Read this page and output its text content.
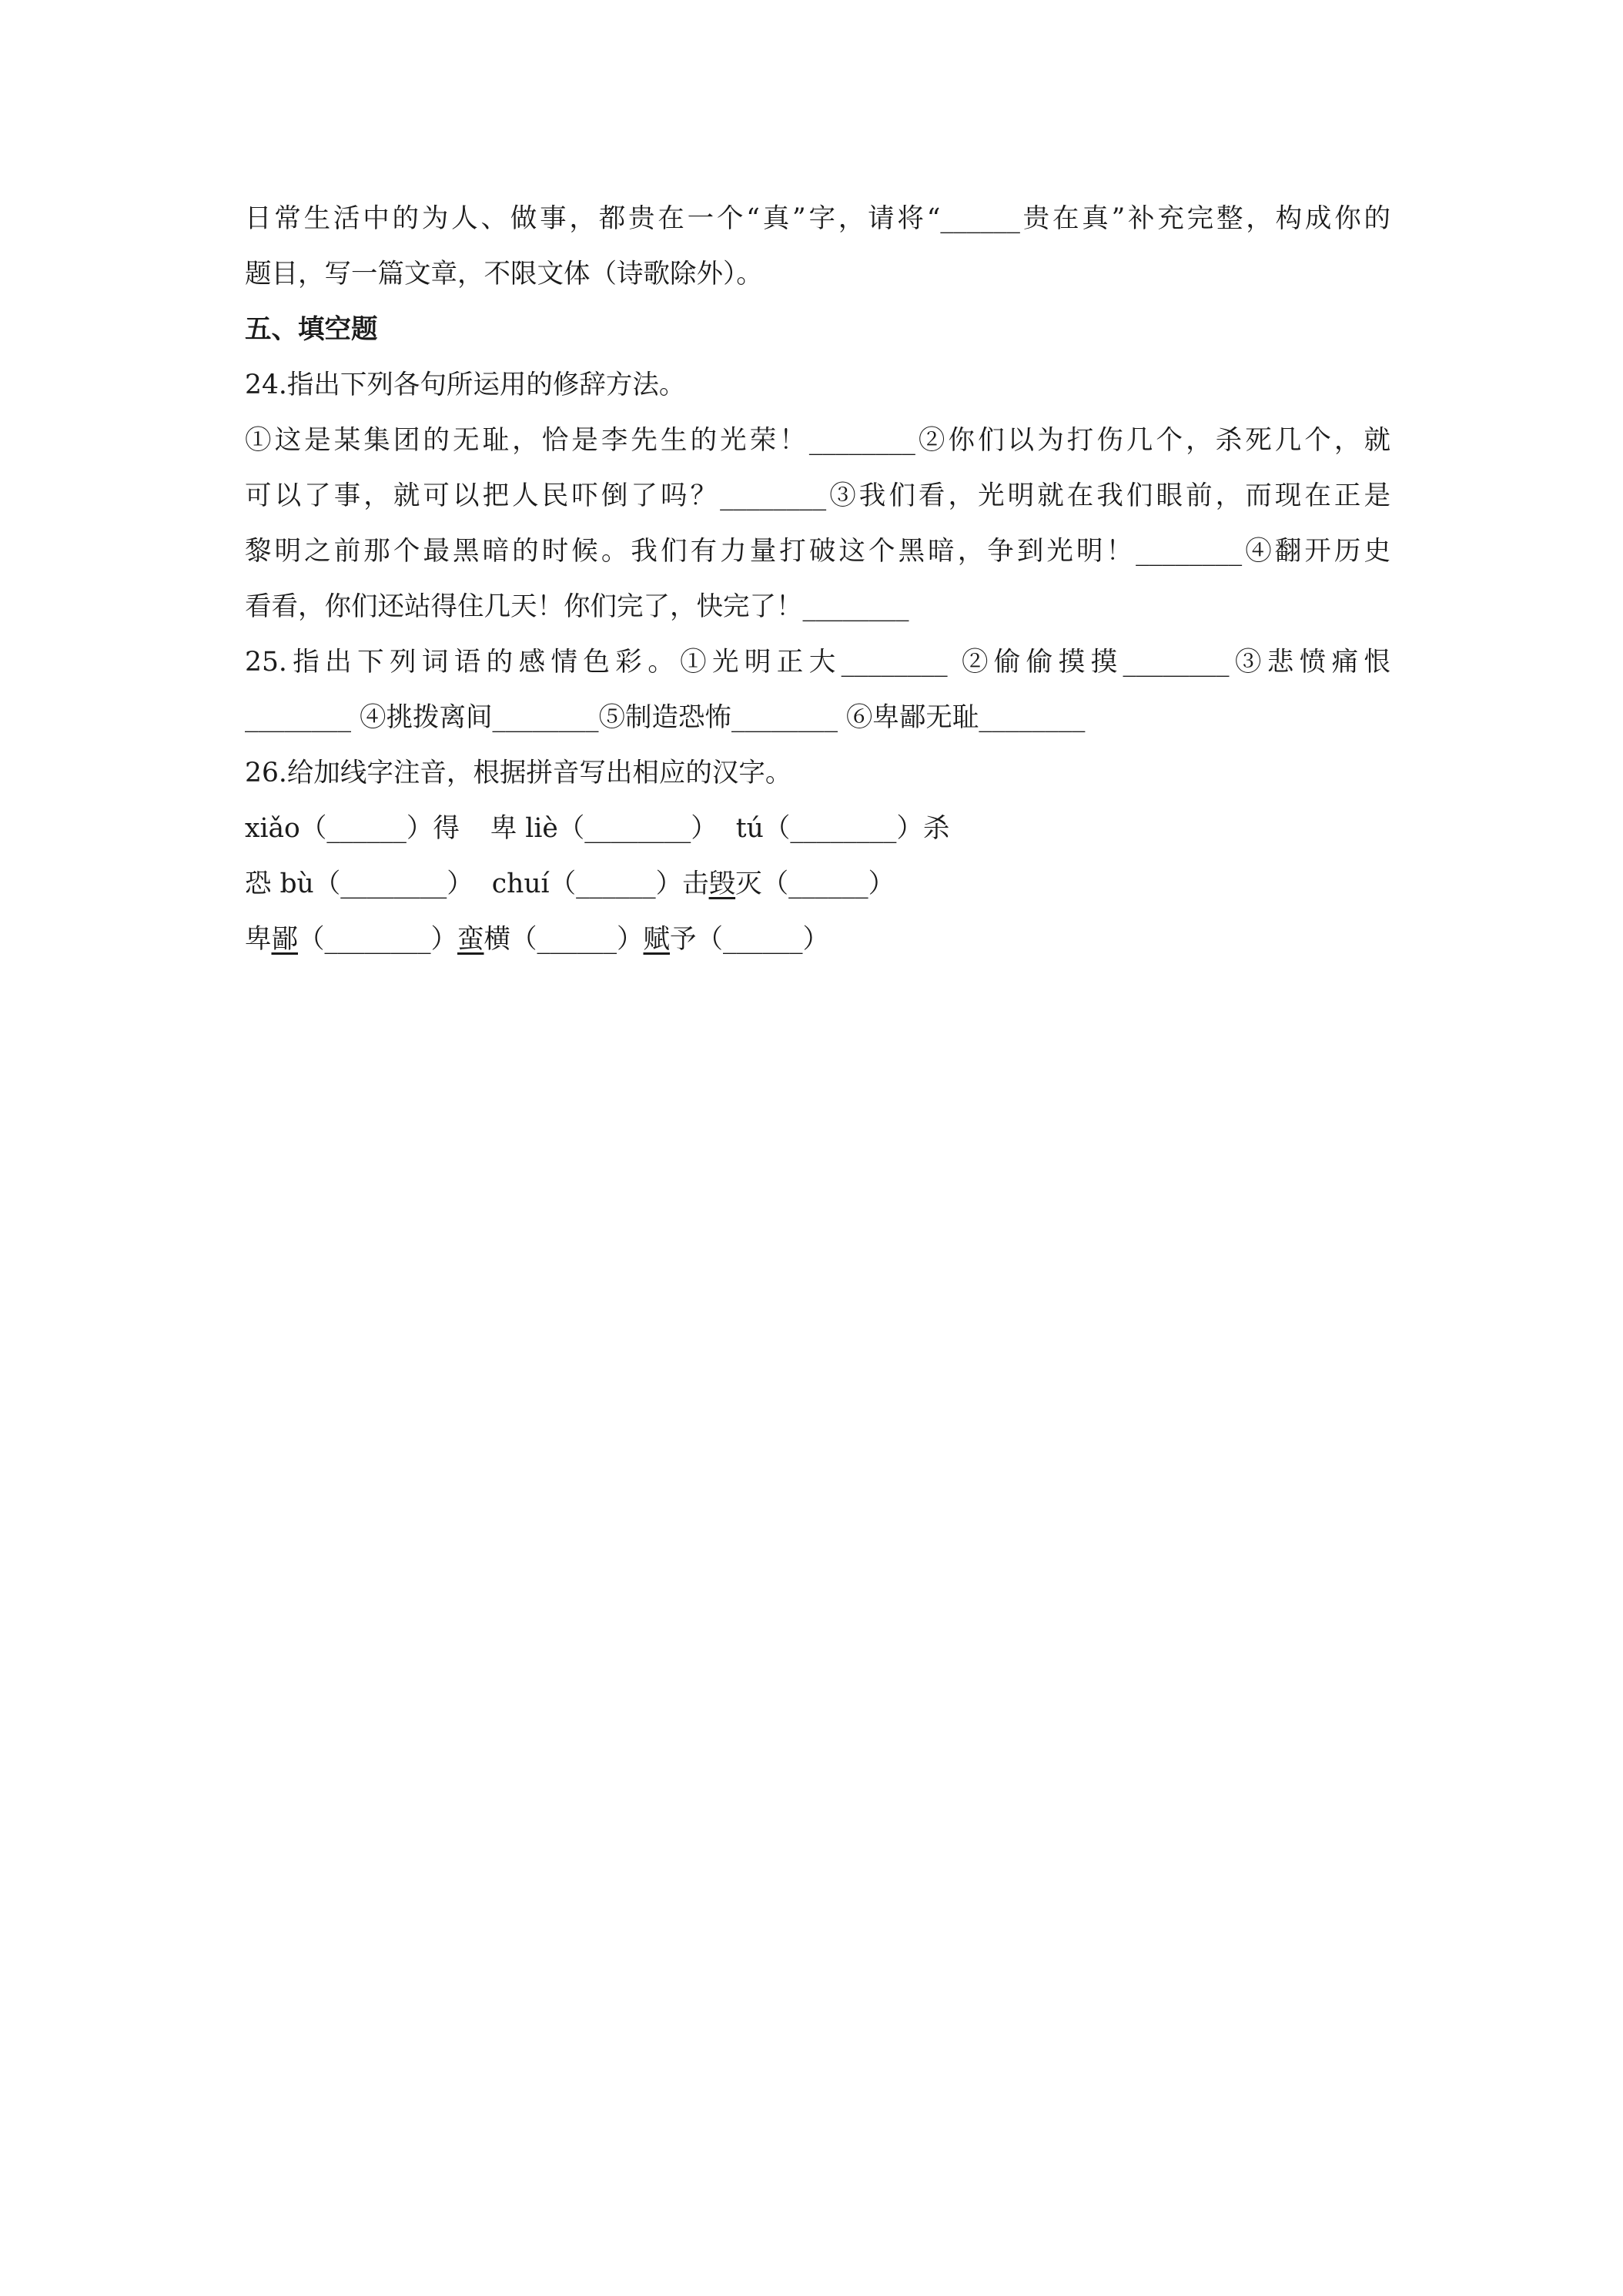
日常生活中的为人、做事，都贵在一个“真”字，请将“______贵在真”补充完整，构成你的
题目，写一篇文章，不限文体（诗歌除外）。
五、填空题
24.指出下列各句所运用的修辞方法。
①这是某集团的无耻，恰是李先生的光荣！________②你们以为打伤几个，杀死几个，就
可以了事，就可以把人民吓倒了吗？________③我们看，光明就在我们眼前，而现在正是
黎明之前那个最黑暗的时候。我们有力量打破这个黑暗，争到光明！________④翻开历史
看看，你们还站得住几天！你们完了，快完了！________
25.指出下列词语的感情色彩。①光明正大________ ②偷偷摸摸________③悲愤痛恨
________ ④挑拨离间________⑤制造恐怖________ ⑥卑鄙无耻________
26.给加线字注音，根据拼音写出相应的汉字。
xiǎo（______）得 卑 liè（________） tú（________）杀
恐 bù（________） chuí（______）击毁灭（______）
卑鄙（________）蛮横（______）赋予（______）
